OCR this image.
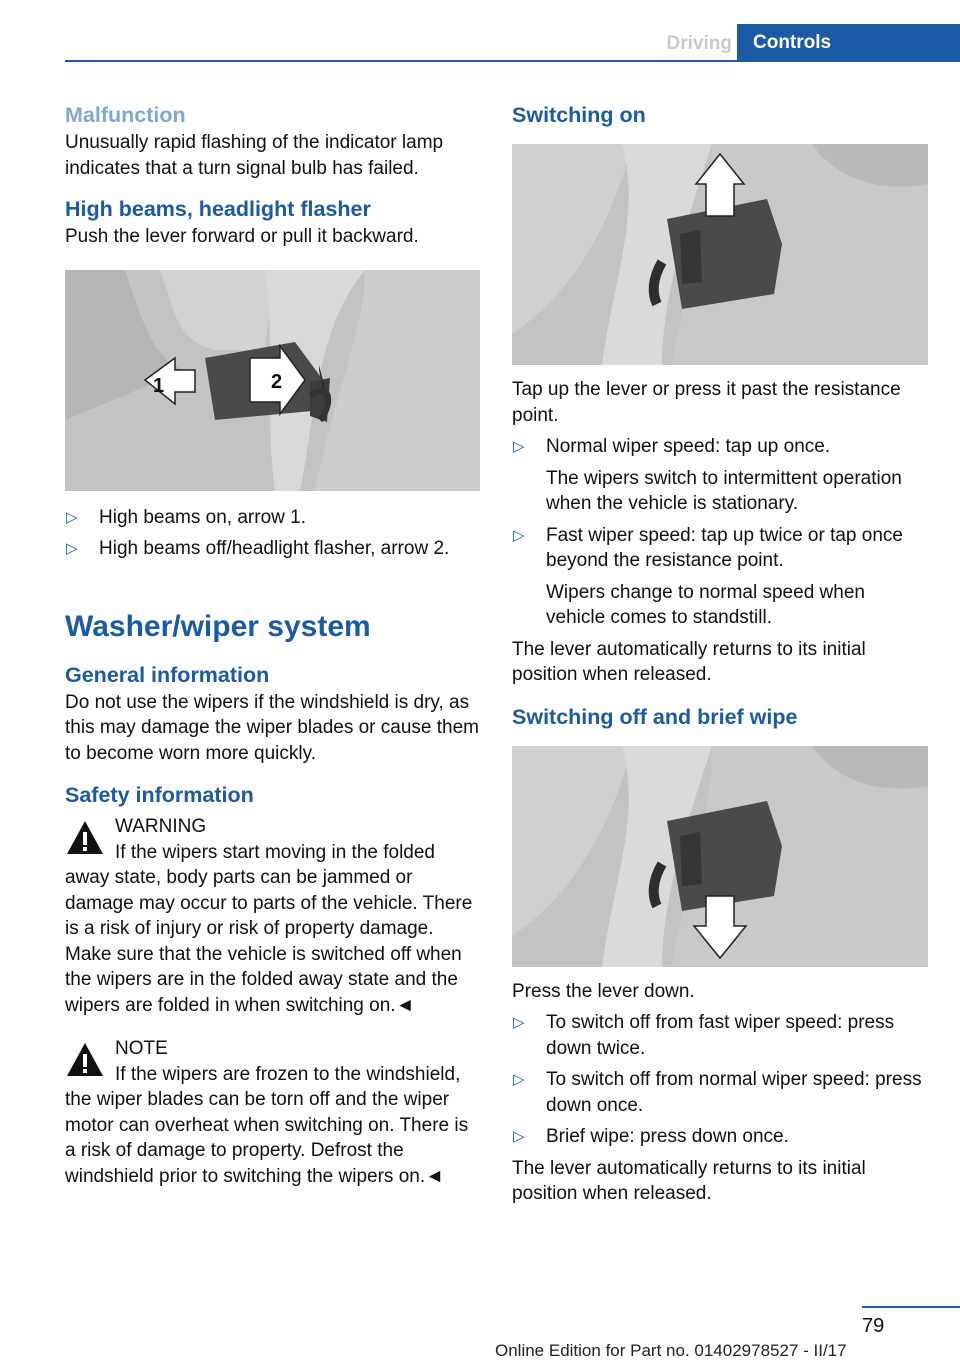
Driving	Controls
Malfunction

Unusually rapid flashing of the indicator lamp indicates that a turn signal bulb has failed.

High beams, headlight flasher

Push the lever forward or pull it backward.

1	2
▷ High beams on, arrow 1.
▷ High beams off/headlight flasher, arrow 2.
Washer/wiper system
General information

Do not use the wipers if the windshield is dry, as this may damage the wiper blades or cause them to become worn more quickly.

Safety information
WARNING

If the wipers start moving in the folded away state, body parts can be jammed or damage may occur to parts of the vehicle. There is a risk of injury or risk of property damage. Make sure that the vehicle is switched off when the wipers are in the folded away state and the wipers are folded in when switching on.◄

NOTE

If the wipers are frozen to the windshield, the wiper blades can be torn off and the wiper motor can overheat when switching on. There is a risk of damage to property. Defrost the windshield prior to switching the wipers on.◄

Switching on

Tap up the lever or press it past the resistance point.

▷ Normal wiper speed: tap up once.

The wipers switch to intermittent operation when the vehicle is stationary.

▷ Fast wiper speed: tap up twice or tap once beyond the resistance point.

Wipers change to normal speed when vehicle comes to standstill.

The lever automatically returns to its initial position when released.

Switching off and brief wipe

Press the lever down.

▷ To switch off from fast wiper speed: press down twice.
▷ To switch off from normal wiper speed: press down once.
▷ Brief wipe: press down once.

The lever automatically returns to its initial position when released.

79
Online Edition for Part no. 01402978527 - II/17
